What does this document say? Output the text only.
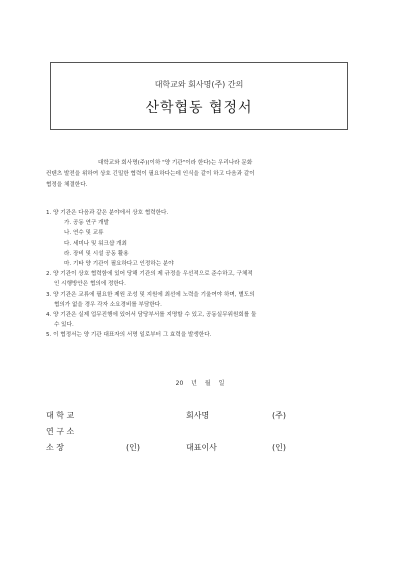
대학교와 회사명(주) 간의
산학협동 협정서

대학교와 회사명(주)(이하 "양 기관"이라 한다)는 우리나라 문화

컨텐츠 발전을 위하여 상호 긴밀한 협력이 필요하다는데 인식을 같이 하고 다음과 같이

협정을 체결한다.

1. 양 기관은 다음과 같은 분야에서 상호 협력한다.
가. 공동 연구 개발
나. 연수 및 교류
다. 세미나 및 워크샵 개최
라. 장비 및 시설 공동 활용
마. 기타 양 기관이 필요하다고 인정하는 분야
2. 양 기관이 상호 협력함에 있어 당해 기관의 제 규정을 우선적으로 준수하고, 구체적
인 시행방안은 협의에 정한다.
3. 양 기관은 교류에 필요한 제원 조성 및 지원에 최선에 노력을 기울여야 하며, 별도의
협의가 없을 경우 각자 소요경비를 부담한다.
4. 양 기관은 실제 업무진행에 있어서 담당부서를 지명할 수 있고, 공동실무위원회를 둘
수 있다.
5. 이 협정서는 양 기관 대표자의 서명 일로부터 그 효력을 발생한다.
20 년 월 일
대 학 교	회사명	(주)
연 구 소
소 장	(인)	대표이사	(인)
